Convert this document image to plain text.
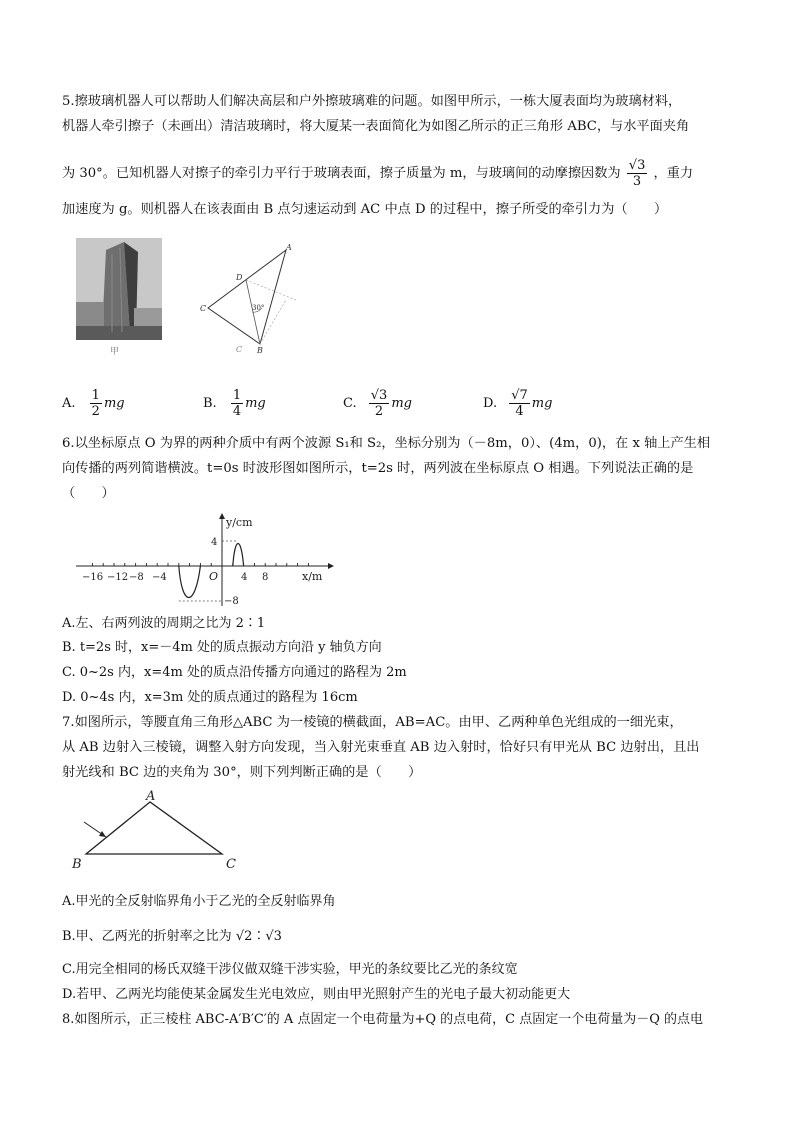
5.擦玻璃机器人可以帮助人们解决高层和户外擦玻璃难的问题。如图甲所示，一栋大厦表面均为玻璃材料，
机器人牵引擦子（未画出）清洁玻璃时，将大厦某一表面简化为如图乙所示的正三角形 ABC，与水平面夹角
为 30°。已知机器人对擦子的牵引力平行于玻璃表面，擦子质量为 m，与玻璃间的动摩擦因数为 $\frac{√3}{3}$ ，重力
加速度为 g。则机器人在该表面由 B 点匀速运动到 AC 中点 D 的过程中，擦子所受的牵引力为（　　）
甲
A
C
B
D
C
30°
A. $\frac{1}{2}$ mg	B. $\frac{1}{4}$ mg	C. $\frac{√3}{2}$ mg	D. $\frac{√7}{4}$ mg
6.以坐标原点 O 为界的两种介质中有两个波源 S₁和 S₂，坐标分别为（－8m，0）、(4m，0)，在 x 轴上产生相
向传播的两列简谐横波。t=0s 时波形图如图所示，t=2s 时，两列波在坐标原点 O 相遇。下列说法正确的是
（　　）
y/cm
x/m
O
−16 −12 −8 −4	4 8
4
−8
A.左、右两列波的周期之比为 2∶1
B. t=2s 时，x=－4m 处的质点振动方向沿 y 轴负方向
C. 0~2s 内，x=4m 处的质点沿传播方向通过的路程为 2m
D. 0~4s 内，x=3m 处的质点通过的路程为 16cm
7.如图所示，等腰直角三角形△ABC 为一棱镜的横截面，AB=AC。由甲、乙两种单色光组成的一细光束，
从 AB 边射入三棱镜，调整入射方向发现，当入射光束垂直 AB 边入射时，恰好只有甲光从 BC 边射出，且出
射光线和 BC 边的夹角为 30°，则下列判断正确的是（　　）
A
B	C
A.甲光的全反射临界角小于乙光的全反射临界角
B.甲、乙两光的折射率之比为 √2∶√3
C.用完全相同的杨氏双缝干涉仪做双缝干涉实验，甲光的条纹要比乙光的条纹宽
D.若甲、乙两光均能使某金属发生光电效应，则由甲光照射产生的光电子最大初动能更大
8.如图所示，正三棱柱 ABC-A′B′C′的 A 点固定一个电荷量为+Q 的点电荷，C 点固定一个电荷量为－Q 的点电
